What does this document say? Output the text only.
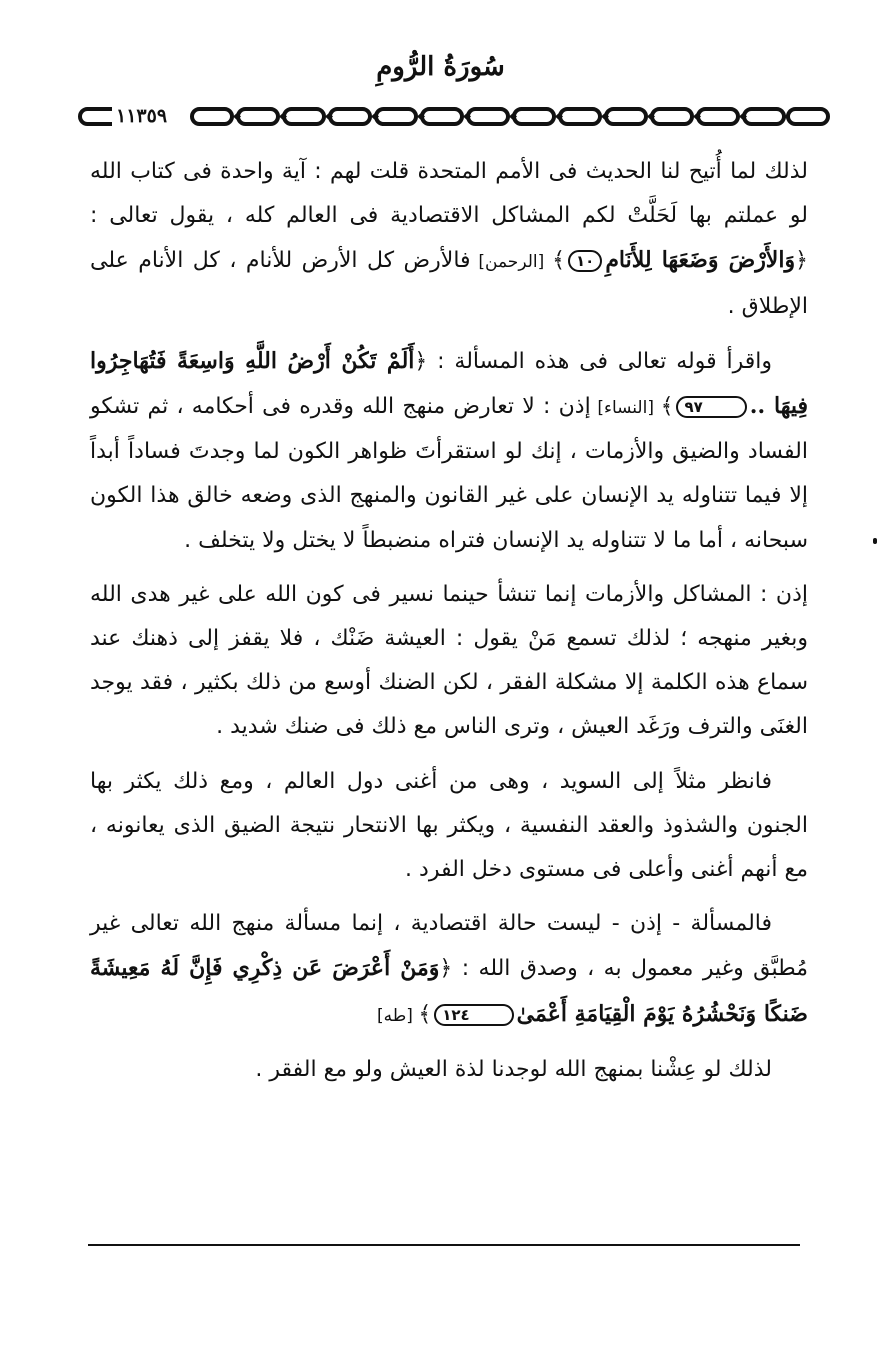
سُورَةُ الرُّومِ
١١٣٥٩

لذلك لما أُتيح لنا الحديث فى الأمم المتحدة قلت لهم : آية واحدة فى كتاب الله لو عملتم بها لَحَلَّتْ لكم المشاكل الاقتصادية فى العالم كله ، يقول تعالى : ﴿وَالأَرْضَ وَضَعَهَا لِلأَنَامِ١٠﴾ [الرحمن] فالأرض كل الأرض للأنام ، كل الأنام على الإطلاق .

واقرأ قوله تعالى فى هذه المسألة : ﴿أَلَمْ تَكُنْ أَرْضُ اللَّهِ وَاسِعَةً فَتُهَاجِرُوا فِيهَا ..٩٧﴾ [النساء] إذن : لا تعارض منهج الله وقدره فى أحكامه ، ثم تشكو الفساد والضيق والأزمات ، إنك لو استقرأتَ ظواهر الكون لما وجدتَ فساداً أبداً إلا فيما تتناوله يد الإنسان على غير القانون والمنهج الذى وضعه خالق هذا الكون سبحانه ، أما ما لا تتناوله يد الإنسان فتراه منضبطاً لا يختل ولا يتخلف .

إذن : المشاكل والأزمات إنما تنشأ حينما نسير فى كون الله على غير هدى الله وبغير منهجه ؛ لذلك تسمع مَنْ يقول : العيشة ضَنْك ، فلا يقفز إلى ذهنك عند سماع هذه الكلمة إلا مشكلة الفقر ، لكن الضنك أوسع من ذلك بكثير ، فقد يوجد الغنَى والترف ورَغَد العيش ، وترى الناس مع ذلك فى ضنك شديد .

فانظر مثلاً إلى السويد ، وهى من أغنى دول العالم ، ومع ذلك يكثر بها الجنون والشذوذ والعقد النفسية ، ويكثر بها الانتحار نتيجة الضيق الذى يعانونه ، مع أنهم أغنى وأعلى فى مستوى دخل الفرد .

فالمسألة - إذن - ليست حالة اقتصادية ، إنما مسألة منهج الله تعالى غير مُطبَّق وغير معمول به ، وصدق الله : ﴿وَمَنْ أَعْرَضَ عَن ذِكْرِي فَإِنَّ لَهُ مَعِيشَةً ضَنكًا وَنَحْشُرُهُ يَوْمَ الْقِيَامَةِ أَعْمَىٰ١٢٤﴾ [طه]

لذلك لو عِشْنا بمنهج الله لوجدنا لذة العيش ولو مع الفقر .
